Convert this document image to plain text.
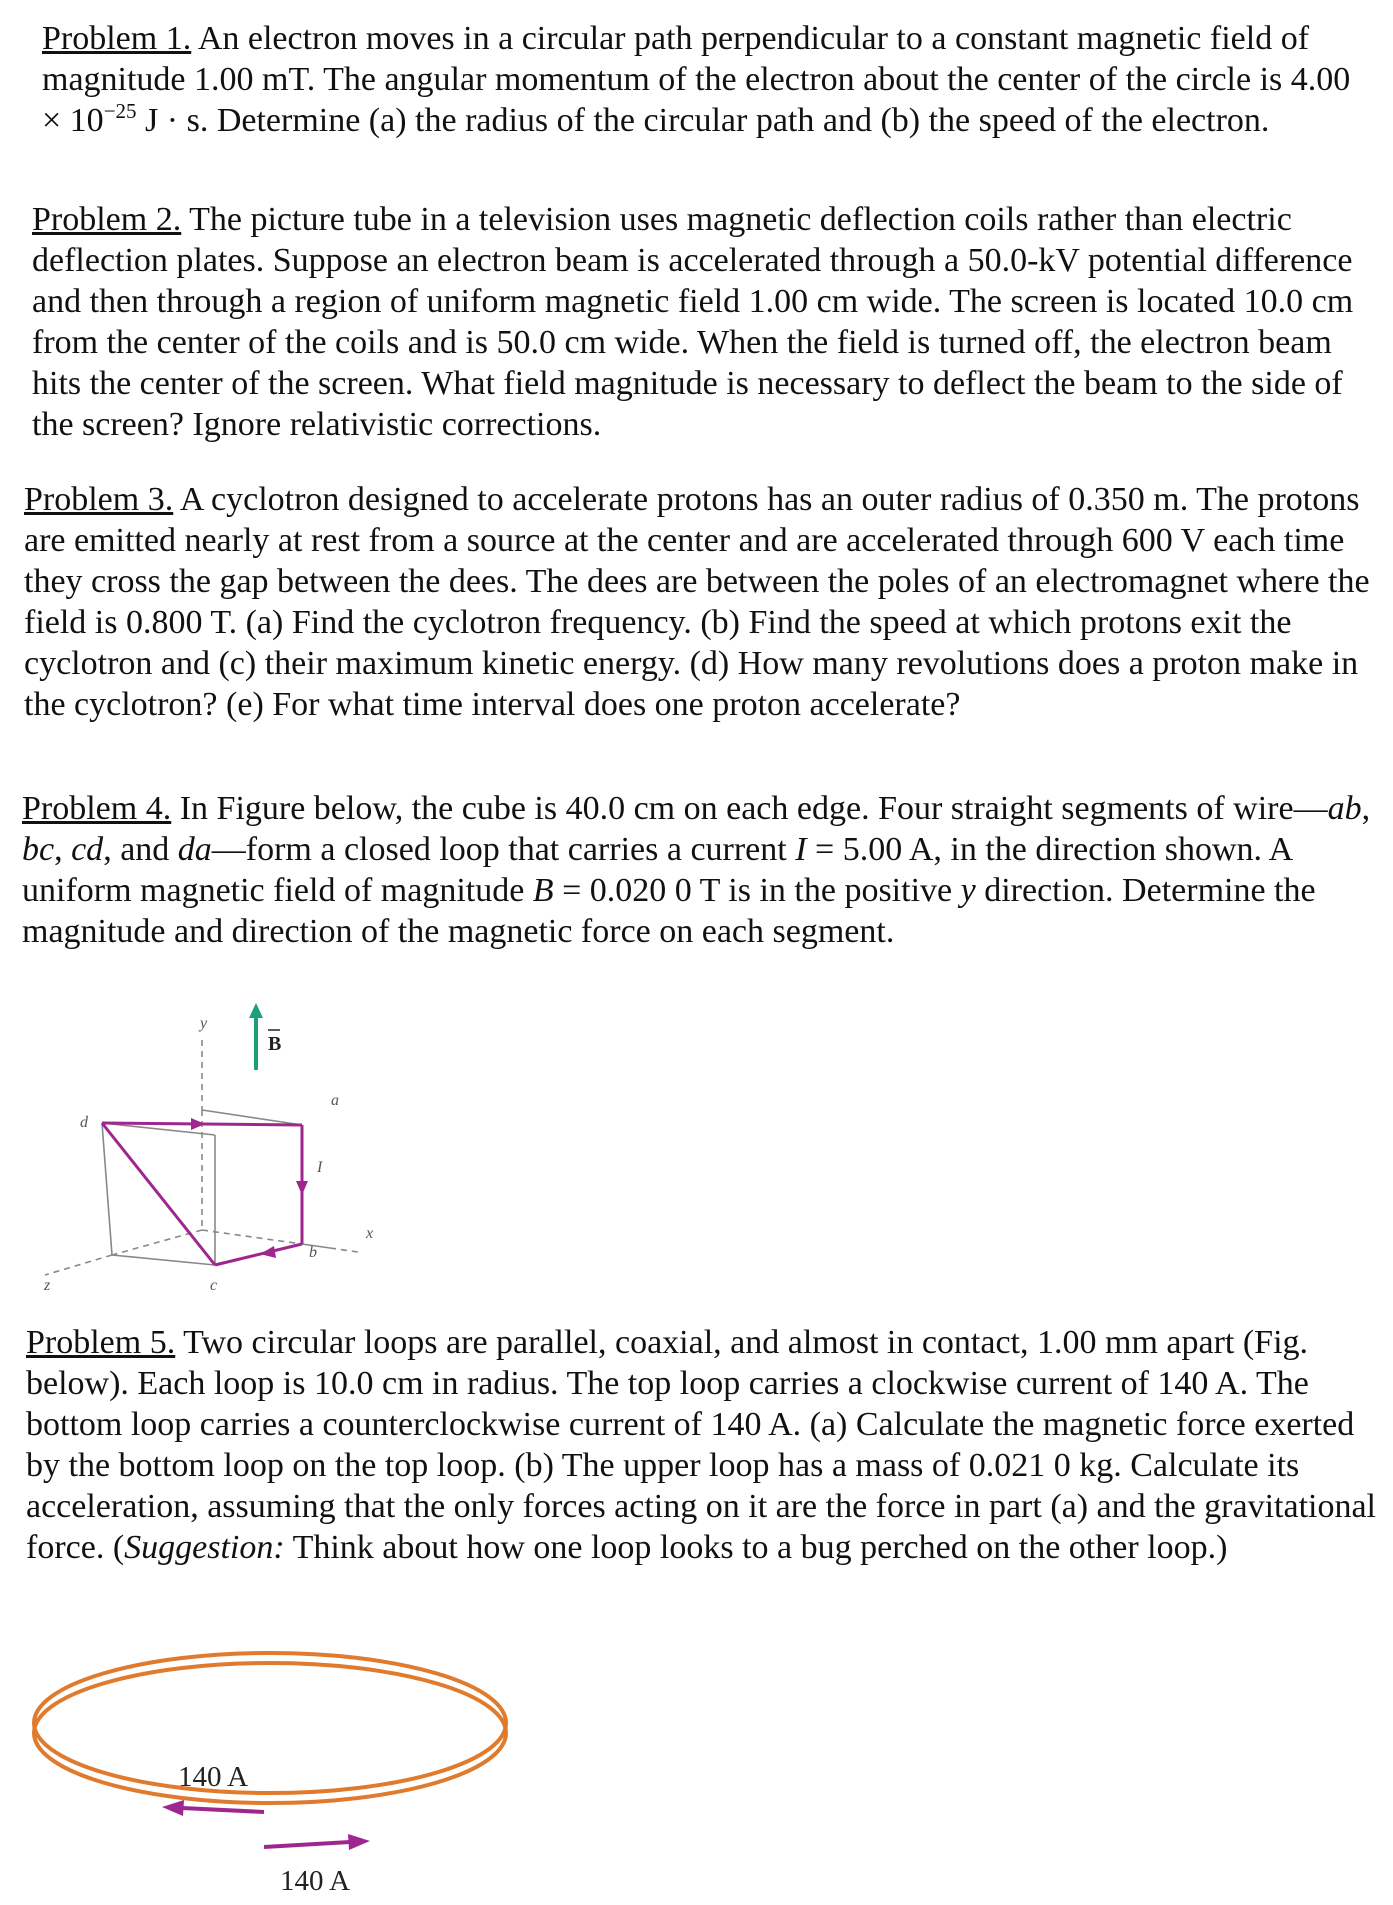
Problem 1. An electron moves in a circular path perpendicular to a constant magnetic field of magnitude 1.00 mT. The angular momentum of the electron about the center of the circle is $4.00 \times 10^{-25}$ J · s. Determine (a) the radius of the circular path and (b) the speed of the electron.

Problem 2. The picture tube in a television uses magnetic deflection coils rather than electric deflection plates. Suppose an electron beam is accelerated through a 50.0-kV potential difference and then through a region of uniform magnetic field 1.00 cm wide. The screen is located 10.0 cm from the center of the coils and is 50.0 cm wide. When the field is turned off, the electron beam hits the center of the screen. What field magnitude is necessary to deflect the beam to the side of the screen? Ignore relativistic corrections.

Problem 3. A cyclotron designed to accelerate protons has an outer radius of 0.350 m. The protons are emitted nearly at rest from a source at the center and are accelerated through 600 V each time they cross the gap between the dees. The dees are between the poles of an electromagnet where the field is 0.800 T. (a) Find the cyclotron frequency. (b) Find the speed at which protons exit the cyclotron and (c) their maximum kinetic energy. (d) How many revolutions does a proton make in the cyclotron? (e) For what time interval does one proton accelerate?

Problem 4. In Figure below, the cube is 40.0 cm on each edge. Four straight segments of wire—ab, bc, cd, and da—form a closed loop that carries a current I = 5.00 A, in the direction shown. A uniform magnetic field of magnitude B = 0.020 0 T is in the positive y direction. Determine the magnitude and direction of the magnetic force on each segment.

B
y
x
z
a
b
c
d
I

Problem 5. Two circular loops are parallel, coaxial, and almost in contact, 1.00 mm apart (Fig. below). Each loop is 10.0 cm in radius. The top loop carries a clockwise current of 140 A. The bottom loop carries a counterclockwise current of 140 A. (a) Calculate the magnetic force exerted by the bottom loop on the top loop. (b) The upper loop has a mass of 0.021 0 kg. Calculate its acceleration, assuming that the only forces acting on it are the force in part (a) and the gravitational force. (Suggestion: Think about how one loop looks to a bug perched on the other loop.)

140 A
140 A
